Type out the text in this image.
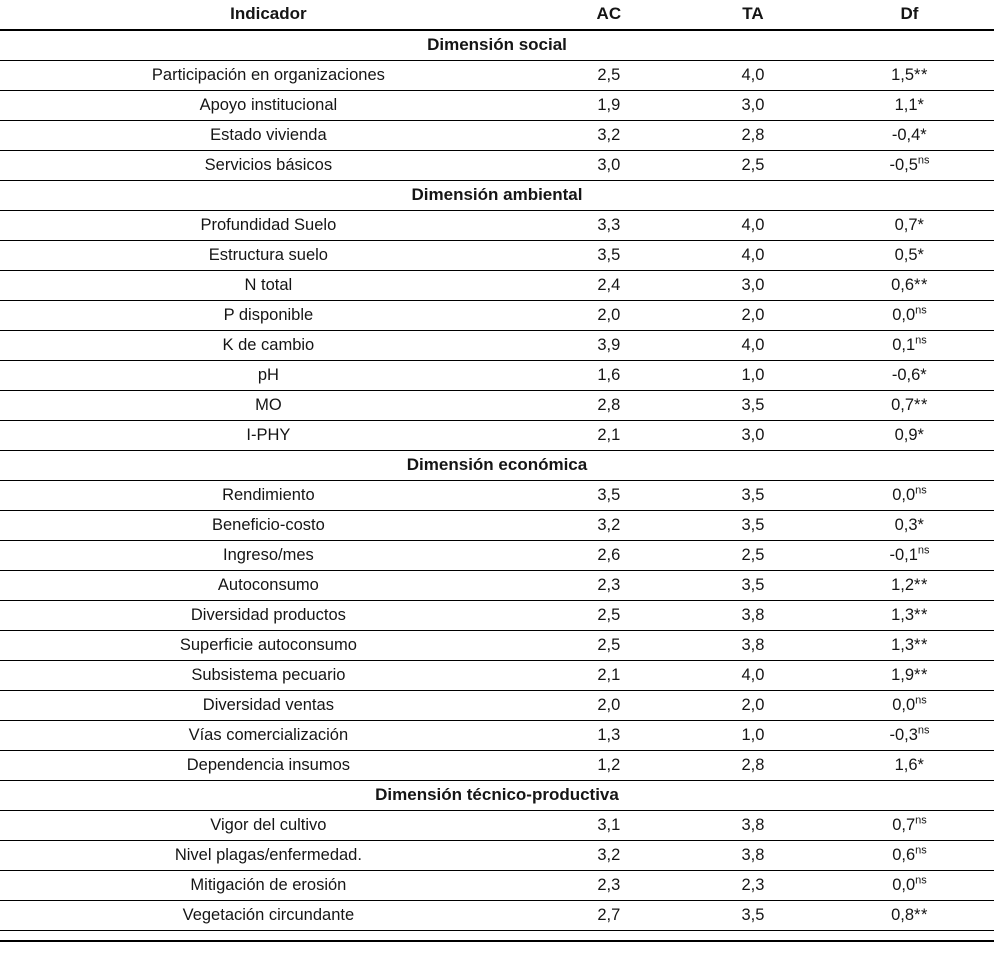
Indicador	AC	TA	Df
Dimensión social			
Participación en organizaciones	2,5	4,0	1,5**
Apoyo institucional	1,9	3,0	1,1*
Estado vivienda	3,2	2,8	-0,4*
Servicios básicos	3,0	2,5	$-0,5^{ns}$
Dimensión ambiental			
Profundidad Suelo	3,3	4,0	0,7*
Estructura suelo	3,5	4,0	0,5*
N total	2,4	3,0	0,6**
P disponible	2,0	2,0	$0,0^{ns}$
K de cambio	3,9	4,0	$0,1^{ns}$
pH	1,6	1,0	-0,6*
MO	2,8	3,5	0,7**
I-PHY	2,1	3,0	0,9*
Dimensión económica			
Rendimiento	3,5	3,5	$0,0^{ns}$
Beneficio-costo	3,2	3,5	0,3*
Ingreso/mes	2,6	2,5	$-0,1^{ns}$
Autoconsumo	2,3	3,5	1,2**
Diversidad productos	2,5	3,8	1,3**
Superficie autoconsumo	2,5	3,8	1,3**
Subsistema pecuario	2,1	4,0	1,9**
Diversidad ventas	2,0	2,0	$0,0^{ns}$
Vías comercialización	1,3	1,0	$-0,3^{ns}$
Dependencia insumos	1,2	2,8	1,6*
Dimensión técnico-productiva			
Vigor del cultivo	3,1	3,8	$0,7^{ns}$
Nivel plagas/enfermedad.	3,2	3,8	$0,6^{ns}$
Mitigación de erosión	2,3	2,3	$0,0^{ns}$
Vegetación circundante	2,7	3,5	0,8**
